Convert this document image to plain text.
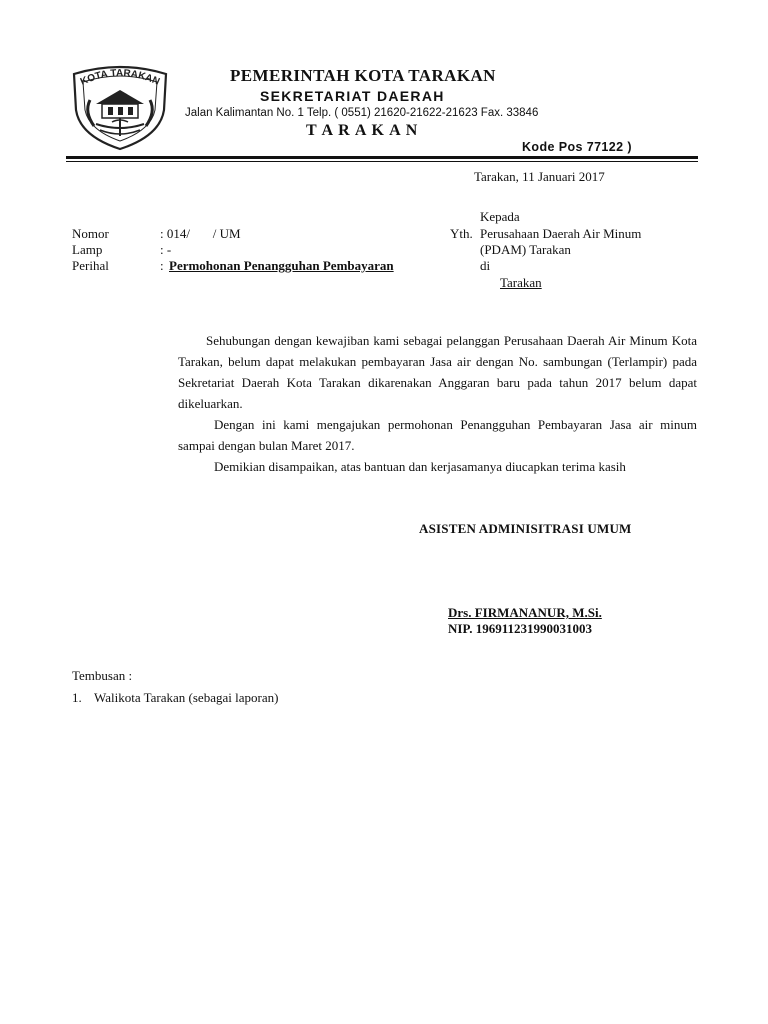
KOTA TARAKAN	PEMERINTAH KOTA TARAKAN
SEKRETARIAT DAERAH
Jalan Kalimantan No. 1 Telp. ( 0551) 21620-21622-21623 Fax. 33846
T A R A K A N
Kode Pos 77122 )
Tarakan, 11 Januari 2017
Nomor	: 014/       / UM
Lamp	: -
Perihal	: Permohonan Penangguhan Pembayaran
Kepada
Yth. Perusahaan Daerah Air Minum
(PDAM) Tarakan
di
Tarakan
Sehubungan dengan kewajiban kami sebagai pelanggan Perusahaan Daerah Air Minum Kota Tarakan, belum dapat melakukan pembayaran Jasa air dengan No. sambungan (Terlampir) pada Sekretariat Daerah Kota Tarakan dikarenakan Anggaran baru pada tahun 2017 belum dapat dikeluarkan.
Dengan ini kami mengajukan permohonan Penangguhan Pembayaran Jasa air minum sampai dengan bulan Maret 2017.
Demikian disampaikan, atas bantuan dan kerjasamanya diucapkan terima kasih
ASISTEN ADMINISITRASI UMUM
Drs. FIRMANANUR, M.Si.
NIP. 196911231990031003
Tembusan :
1. Walikota Tarakan (sebagai laporan)
